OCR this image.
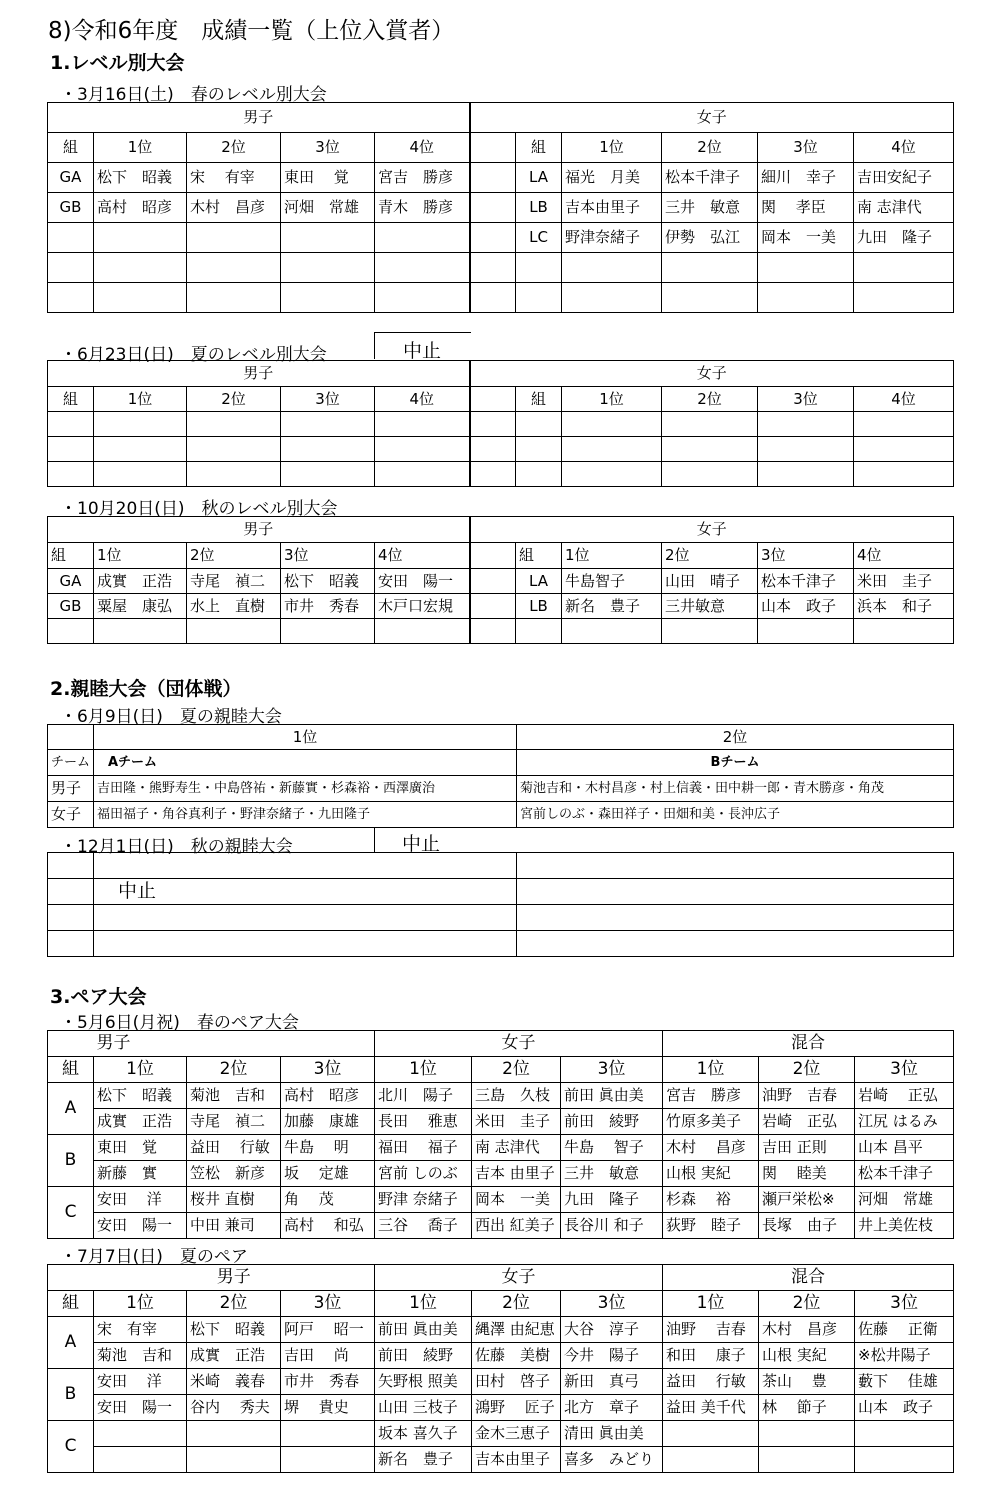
8)令和6年度　成績一覧（上位入賞者）
1.レベル別大会
・3月16日(土)　春のレベル別大会
男子					女子					
組	1位	2位	3位	4位		組	1位	2位	3位	4位
GA	松下　昭義	宋　 有宰	東田　 覚	宮吉　勝彦		LA	福光　月美	松本千津子	細川　幸子	吉田安紀子
GB	高村　昭彦	木村　昌彦	河畑　常雄	青木　勝彦		LB	吉本由里子	三井　敏意	関　 孝臣	南 志津代
						LC	野津奈緒子	伊勢　弘江	岡本　一美	九田　隆子

・6月23日(日)　夏のレベル別大会	中止
男子					女子					
組	1位	2位	3位	4位		組	1位	2位	3位	4位

・10月20日(日)　秋のレベル別大会
男子					女子					
組	1位	2位	3位	4位		組	1位	2位	3位	4位
GA	成實　正浩	寺尾　禎二	松下　昭義	安田　陽一		LA	牛島智子	山田　晴子	松本千津子	米田　圭子
GB	粟屋　康弘	水上　直樹	市井　秀春	木戸口宏規		LB	新名　豊子	三井敏意	山本　政子	浜本　和子

2.親睦大会（団体戦）
・6月9日(日)　夏の親睦大会
	1位	2位
チーム	Aチーム	Bチーム
男子	吉田隆・熊野寿生・中島啓祐・新藤實・杉森裕・西澤廣治	菊池吉和・木村昌彦・村上信義・田中耕一郎・青木勝彦・角茂
女子	福田福子・角谷真利子・野津奈緒子・九田隆子	宮前しのぶ・森田祥子・田畑和美・長沖広子
・12月1日(日)　秋の親睦大会	中止

	中止	

3.ペア大会
・5月6日(月祝)　春のペア大会
	男子			女子			混合		
組	1位	2位	3位	1位	2位	3位	1位	2位	3位
A	松下　昭義	菊池　吉和	高村　昭彦	北川　陽子	三島　久枝	前田 眞由美	宮吉　勝彦	油野　吉春	岩崎　 正弘
	成實　正浩	寺尾　禎二	加藤　康雄	長田　 雅恵	米田　圭子	前田　綾野	竹原多美子	岩崎　正弘	江尻 はるみ
B	東田　覚	益田　 行敏	牛島　 明	福田　 福子	南 志津代	牛島　 智子	木村　 昌彦	吉田 正則	山本 昌平
	新藤　實	笠松　新彦	坂　 定雄	宮前 しのぶ	吉本 由里子	三井　敏意	山根 実紀	関　 睦美	松本千津子
C	安田　 洋	桜井 直樹	角　 茂	野津 奈緒子	岡本　一美	九田　隆子	杉森　 裕	瀬戸栄松※	河畑　常雄
	安田　陽一	中田 兼司	高村　 和弘	三谷　 喬子	西出 紅美子	長谷川 和子	荻野　睦子	長塚　由子	井上美佐枝
・7月7日(日)　夏のペア
	男子			女子			混合		
組	1位	2位	3位	1位	2位	3位	1位	2位	3位
A	宋　有宰	松下　昭義	阿戸　 昭一	前田 眞由美	縄澤 由紀恵	大谷　淳子	油野　 吉春	木村　昌彦	佐藤　 正衛
	菊池　吉和	成實　正浩	吉田　 尚	前田　綾野	佐藤　美樹	今井　陽子	和田　 康子	山根 実紀	※松井陽子
B	安田　 洋	米崎　義春	市井　秀春	矢野根 照美	田村　啓子	新田　真弓	益田　 行敏	茶山　 豊	藪下　 佳雄
	安田　陽一	谷内　 秀夫	堺　 貴史	山田 三枝子	鴻野　 匠子	北方　章子	益田 美千代	林　 節子	山本　政子
C				坂本 喜久子	金木三恵子	清田 眞由美			
				新名　豊子	吉本由里子	喜多　みどり			
